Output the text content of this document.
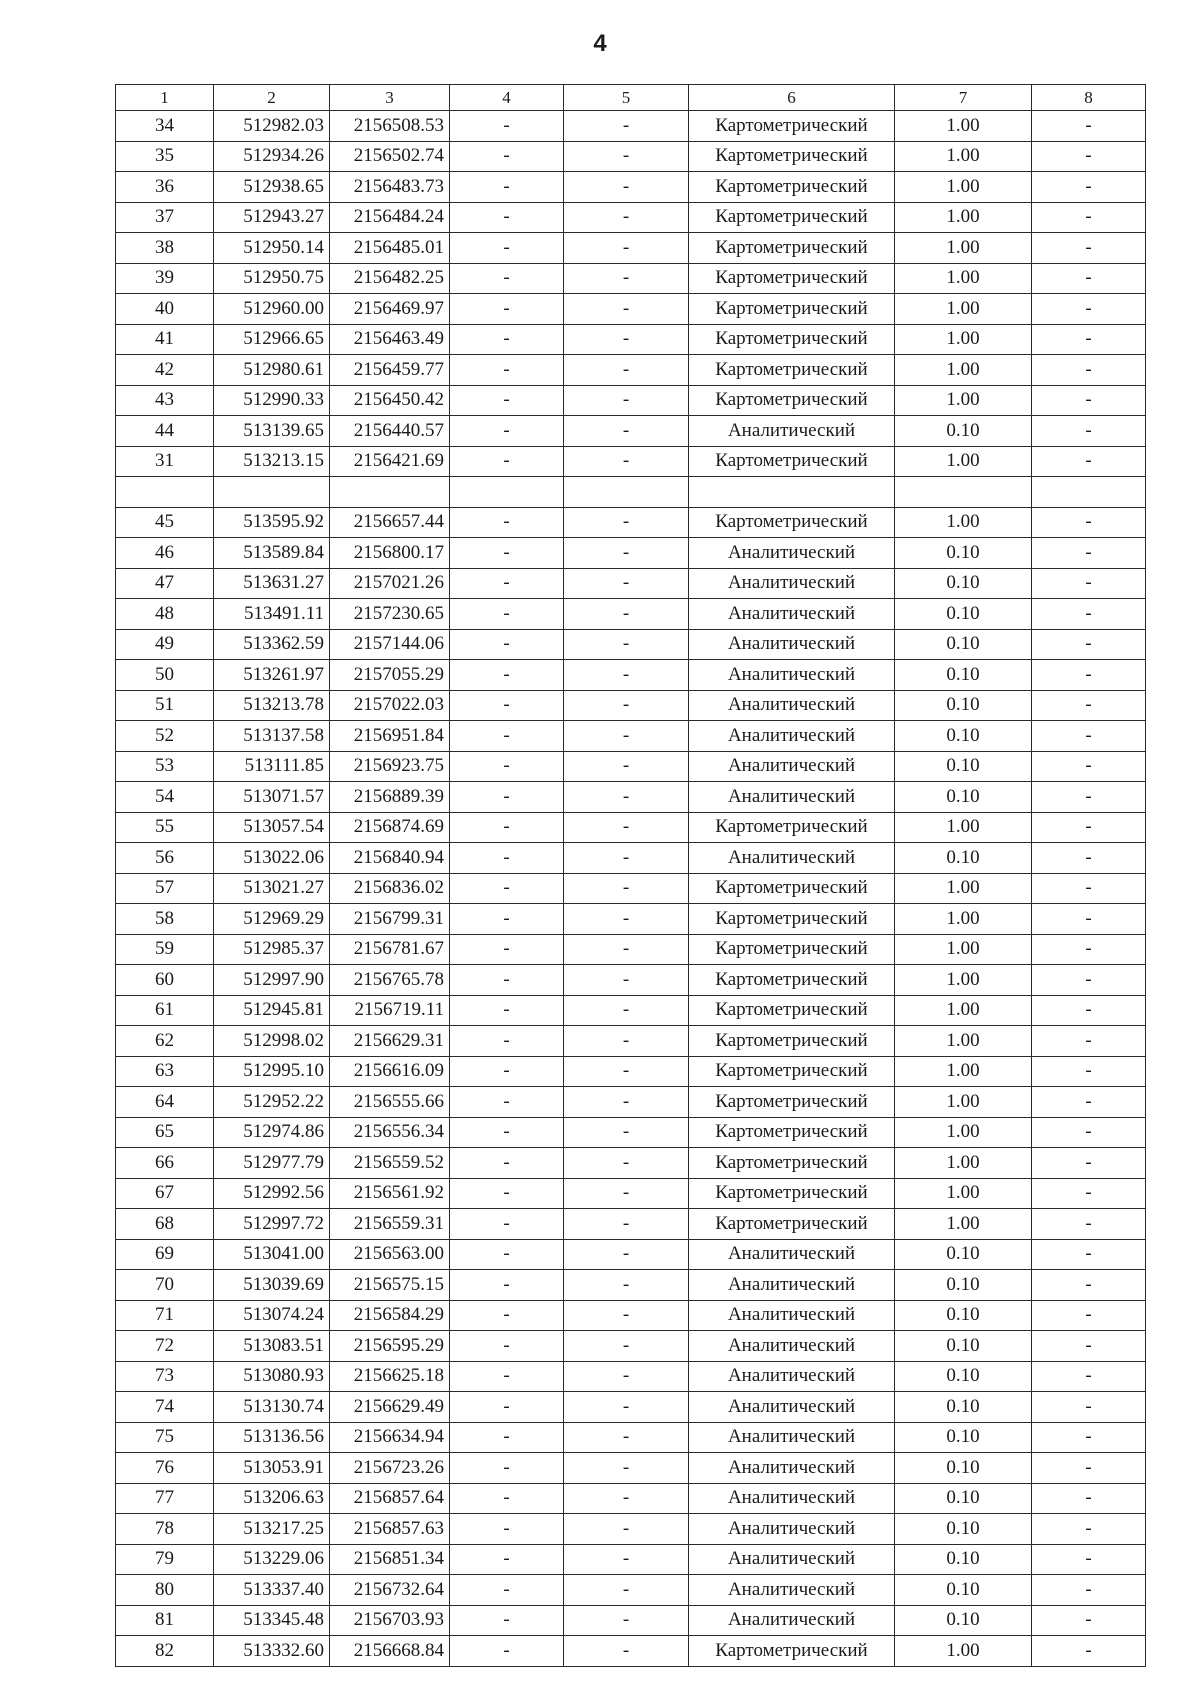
4
1	2	3	4	5	6	7	8
34	512982.03	2156508.53	-	-	Картометрический	1.00	-
35	512934.26	2156502.74	-	-	Картометрический	1.00	-
36	512938.65	2156483.73	-	-	Картометрический	1.00	-
37	512943.27	2156484.24	-	-	Картометрический	1.00	-
38	512950.14	2156485.01	-	-	Картометрический	1.00	-
39	512950.75	2156482.25	-	-	Картометрический	1.00	-
40	512960.00	2156469.97	-	-	Картометрический	1.00	-
41	512966.65	2156463.49	-	-	Картометрический	1.00	-
42	512980.61	2156459.77	-	-	Картометрический	1.00	-
43	512990.33	2156450.42	-	-	Картометрический	1.00	-
44	513139.65	2156440.57	-	-	Аналитический	0.10	-
31	513213.15	2156421.69	-	-	Картометрический	1.00	-

45	513595.92	2156657.44	-	-	Картометрический	1.00	-
46	513589.84	2156800.17	-	-	Аналитический	0.10	-
47	513631.27	2157021.26	-	-	Аналитический	0.10	-
48	513491.11	2157230.65	-	-	Аналитический	0.10	-
49	513362.59	2157144.06	-	-	Аналитический	0.10	-
50	513261.97	2157055.29	-	-	Аналитический	0.10	-
51	513213.78	2157022.03	-	-	Аналитический	0.10	-
52	513137.58	2156951.84	-	-	Аналитический	0.10	-
53	513111.85	2156923.75	-	-	Аналитический	0.10	-
54	513071.57	2156889.39	-	-	Аналитический	0.10	-
55	513057.54	2156874.69	-	-	Картометрический	1.00	-
56	513022.06	2156840.94	-	-	Аналитический	0.10	-
57	513021.27	2156836.02	-	-	Картометрический	1.00	-
58	512969.29	2156799.31	-	-	Картометрический	1.00	-
59	512985.37	2156781.67	-	-	Картометрический	1.00	-
60	512997.90	2156765.78	-	-	Картометрический	1.00	-
61	512945.81	2156719.11	-	-	Картометрический	1.00	-
62	512998.02	2156629.31	-	-	Картометрический	1.00	-
63	512995.10	2156616.09	-	-	Картометрический	1.00	-
64	512952.22	2156555.66	-	-	Картометрический	1.00	-
65	512974.86	2156556.34	-	-	Картометрический	1.00	-
66	512977.79	2156559.52	-	-	Картометрический	1.00	-
67	512992.56	2156561.92	-	-	Картометрический	1.00	-
68	512997.72	2156559.31	-	-	Картометрический	1.00	-
69	513041.00	2156563.00	-	-	Аналитический	0.10	-
70	513039.69	2156575.15	-	-	Аналитический	0.10	-
71	513074.24	2156584.29	-	-	Аналитический	0.10	-
72	513083.51	2156595.29	-	-	Аналитический	0.10	-
73	513080.93	2156625.18	-	-	Аналитический	0.10	-
74	513130.74	2156629.49	-	-	Аналитический	0.10	-
75	513136.56	2156634.94	-	-	Аналитический	0.10	-
76	513053.91	2156723.26	-	-	Аналитический	0.10	-
77	513206.63	2156857.64	-	-	Аналитический	0.10	-
78	513217.25	2156857.63	-	-	Аналитический	0.10	-
79	513229.06	2156851.34	-	-	Аналитический	0.10	-
80	513337.40	2156732.64	-	-	Аналитический	0.10	-
81	513345.48	2156703.93	-	-	Аналитический	0.10	-
82	513332.60	2156668.84	-	-	Картометрический	1.00	-
